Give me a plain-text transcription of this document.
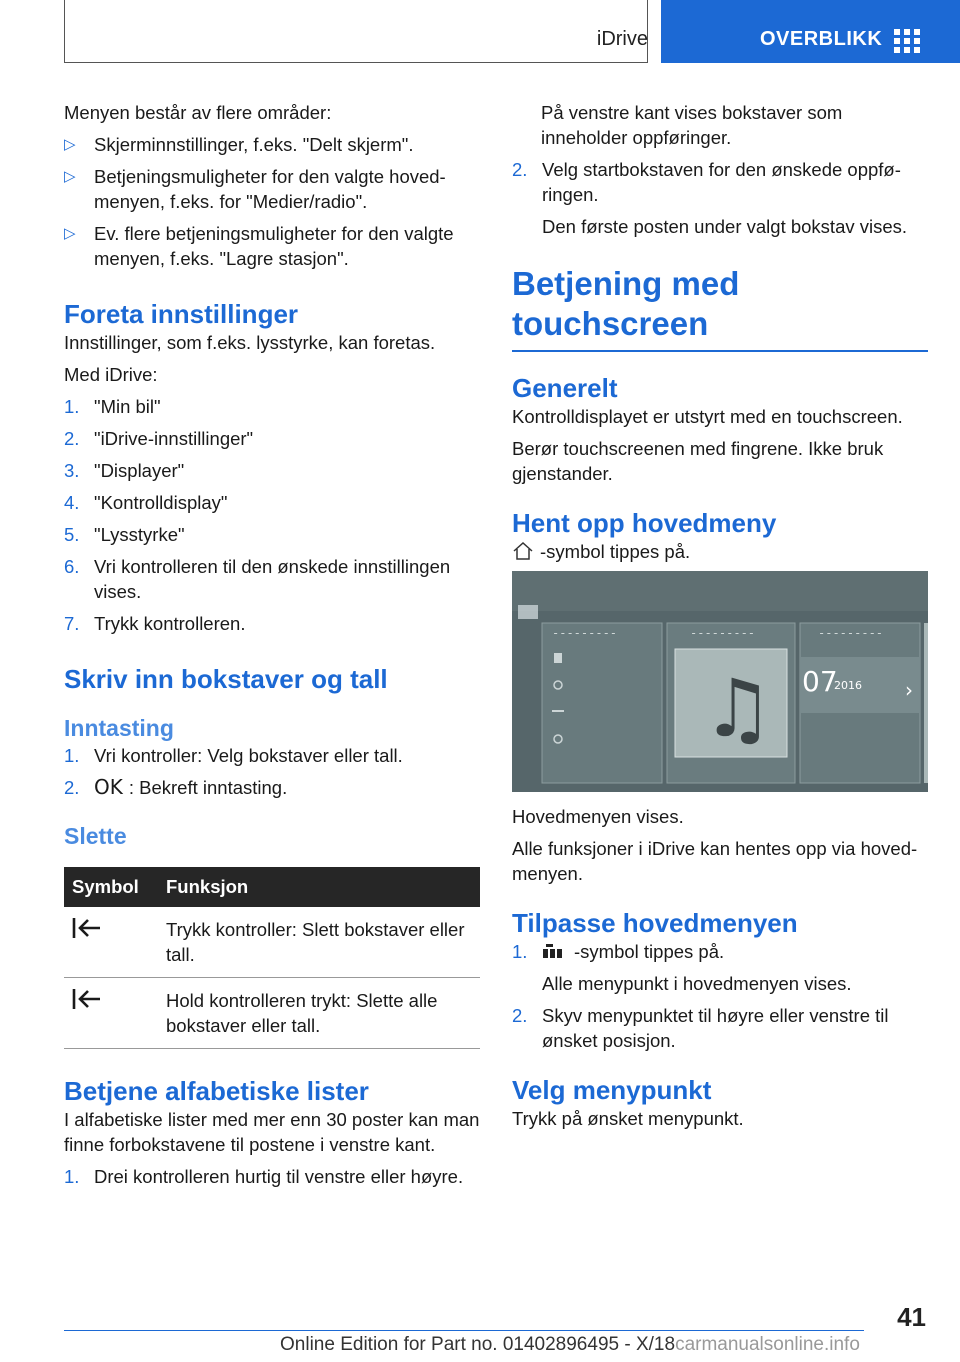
iDrive	OVERBLIKK

Menyen består av flere områder:

▷ Skjerminnstillinger, f.eks. "Delt skjerm".
▷ Betjeningsmuligheter for den valgte hoved-menyen, f.eks. for "Medier/radio".
▷ Ev. flere betjeningsmuligheter for den valgte menyen, f.eks. "Lagre stasjon".
Foreta innstillinger

Innstillinger, som f.eks. lysstyrke, kan foretas.

Med iDrive:

1. "Min bil"
2. "iDrive-innstillinger"
3. "Displayer"
4. "Kontrolldisplay"
5. "Lysstyrke"
6. Vri kontrolleren til den ønskede innstillingen vises.
7. Trykk kontrolleren.
Skriv inn bokstaver og tall
Inntasting
1. Vri kontroller: Velg bokstaver eller tall.
2. OK : Bekreft inntasting.
Slette
Symbol	Funksjon
	Trykk kontroller: Slett bokstaver eller tall.
	Hold kontrolleren trykt: Slette alle bokstaver eller tall.
Betjene alfabetiske lister

I alfabetiske lister med mer enn 30 poster kan man finne forbokstavene til postene i venstre kant.

1. Drei kontrolleren hurtig til venstre eller høyre.

På venstre kant vises bokstaver som inneholder oppføringer.

2. Velg startbokstaven for den ønskede oppfø-ringen.
Den første posten under valgt bokstav vises.
Betjening med touchscreen
Generelt

Kontrolldisplayet er utstyrt med en touchscreen.

Berør touchscreenen med fingrene. Ikke bruk gjenstander.

Hent opp hovedmeny

-symbol tippes på.

♫
---------	---------	---------
07
2016 ›

Hovedmenyen vises.

Alle funksjoner i iDrive kan hentes opp via hoved-menyen.

Tilpasse hovedmenyen
1.	-symbol tippes på.
Alle menypunkt i hovedmenyen vises.
2. Skyv menypunktet til høyre eller venstre til ønsket posisjon.
Velg menypunkt

Trykk på ønsket menypunkt.

41
Online Edition for Part no. 01402896495 - X/18carmanualsonline.info
